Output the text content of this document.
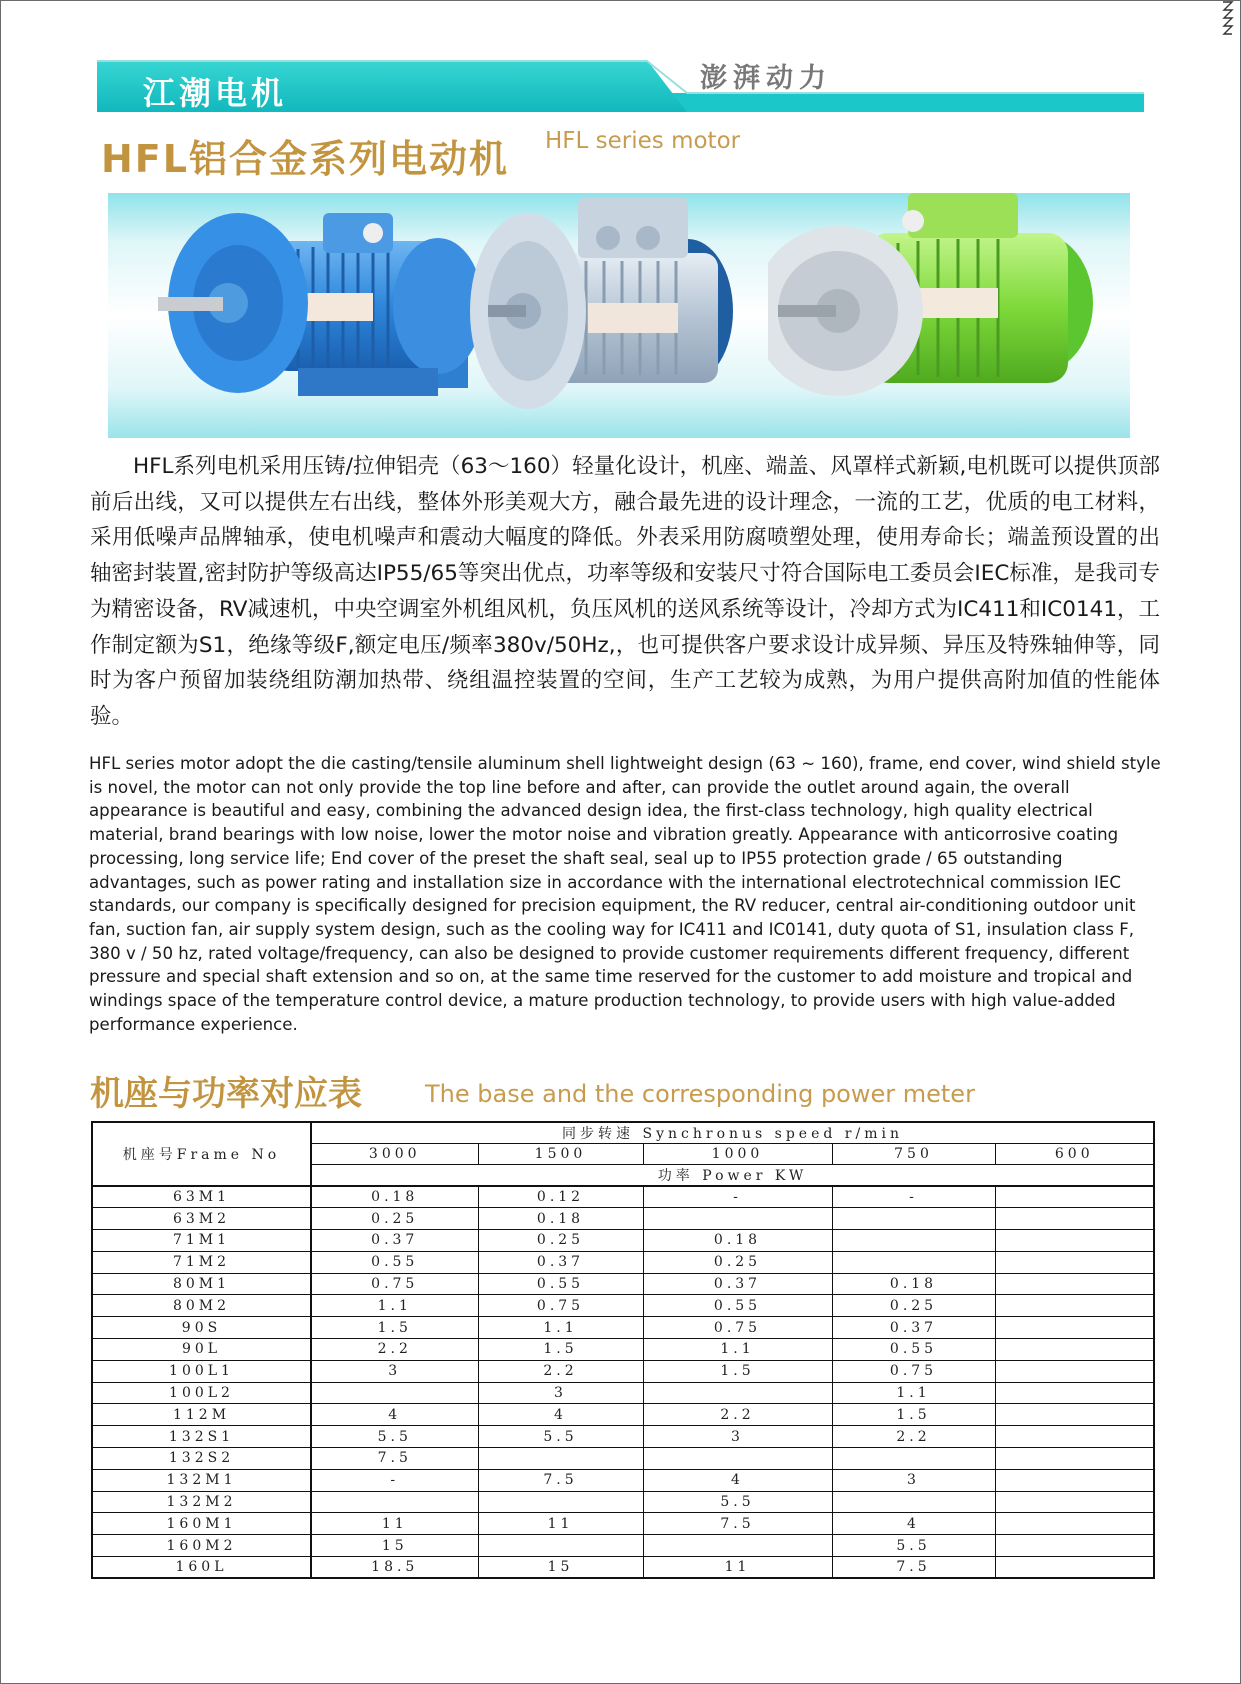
江潮电机	澎湃动力
HFL铝合金系列电动机 HFL series motor
HFL系列电机采用压铸/拉伸铝壳（63～160）轻量化设计，机座、端盖、风罩样式新颖,电机既可以提供顶部前后出线，又可以提供左右出线，整体外形美观大方，融合最先进的设计理念，一流的工艺，优质的电工材料，采用低噪声品牌轴承，使电机噪声和震动大幅度的降低。外表采用防腐喷塑处理，使用寿命长；端盖预设置的出轴密封装置,密封防护等级高达IP55/65等突出优点，功率等级和安装尺寸符合国际电工委员会IEC标准，是我司专为精密设备，RV减速机，中央空调室外机组风机，负压风机的送风系统等设计，冷却方式为IC411和IC0141，工作制定额为S1，绝缘等级F,额定电压/频率380v/50Hz,，也可提供客户要求设计成异频、异压及特殊轴伸等，同时为客户预留加装绕组防潮加热带、绕组温控装置的空间，生产工艺较为成熟，为用户提供高附加值的性能体验。
HFL series motor adopt the die casting/tensile aluminum shell lightweight design (63 ~ 160), frame, end cover, wind shield style is novel, the motor can not only provide the top line before and after, can provide the outlet around again, the overall appearance is beautiful and easy, combining the advanced design idea, the first-class technology, high quality electrical material, brand bearings with low noise, lower the motor noise and vibration greatly. Appearance with anticorrosive coating processing, long service life; End cover of the preset the shaft seal, seal up to IP55 protection grade / 65 outstanding advantages, such as power rating and installation size in accordance with the international electrotechnical commission IEC standards, our company is specifically designed for precision equipment, the RV reducer, central air-conditioning outdoor unit fan, suction fan, air supply system design, such as the cooling way for IC411 and IC0141, duty quota of S1, insulation class F, 380 v / 50 hz, rated voltage/frequency, can also be designed to provide customer requirements different frequency, different pressure and special shaft extension and so on, at the same time reserved for the customer to add moisture and tropical and windings space of the temperature control device, a mature production technology, to provide users with high value-added performance experience.
机座与功率对应表	The base and the corresponding power meter
机座号Frame No	同步转速 Synchronus speed r/min				
	3000	1500	1000	750	600
	功率 Power KW				
63M1	0.18	0.12	-	-	
63M2	0.25	0.18			
71M1	0.37	0.25	0.18		
71M2	0.55	0.37	0.25		
80M1	0.75	0.55	0.37	0.18	
80M2	1.1	0.75	0.55	0.25	
90S	1.5	1.1	0.75	0.37	
90L	2.2	1.5	1.1	0.55	
100L1	3	2.2	1.5	0.75	
100L2		3		1.1	
112M	4	4	2.2	1.5	
132S1	5.5	5.5	3	2.2	
132S2	7.5				
132M1	-	7.5	4	3	
132M2			5.5		
160M1	11	11	7.5	4	
160M2	15			5.5	
160L	18.5	15	11	7.5	
